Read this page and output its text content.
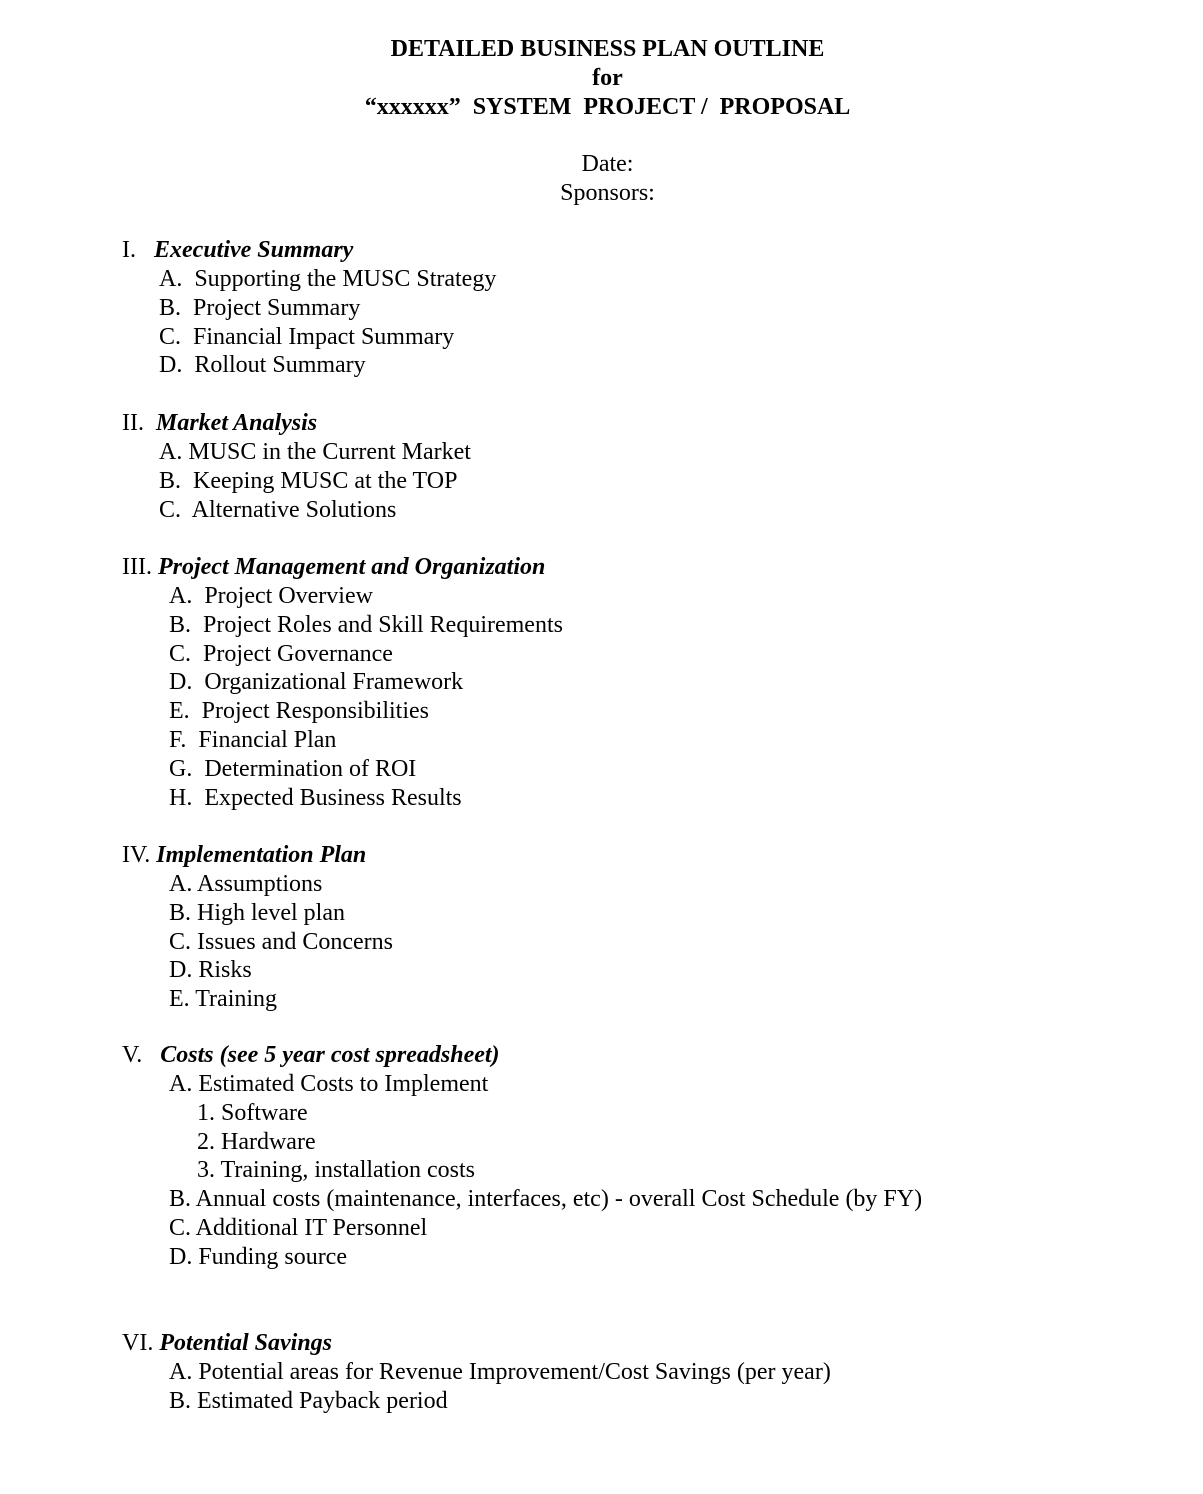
DETAILED BUSINESS PLAN OUTLINE
for
“xxxxxx”  SYSTEM  PROJECT /  PROPOSAL
Date:
Sponsors:
I.   Executive Summary
A.  Supporting the MUSC Strategy
B.  Project Summary
C.  Financial Impact Summary
D.  Rollout Summary
II.  Market Analysis
A. MUSC in the Current Market
B.  Keeping MUSC at the TOP
C.  Alternative Solutions
III. Project Management and Organization
A.  Project Overview
B.  Project Roles and Skill Requirements
C.  Project Governance
D.  Organizational Framework
E.  Project Responsibilities
F.  Financial Plan
G.  Determination of ROI
H.  Expected Business Results
IV. Implementation Plan
A. Assumptions
B. High level plan
C. Issues and Concerns
D. Risks
E. Training
V.   Costs (see 5 year cost spreadsheet)
A. Estimated Costs to Implement
1. Software
2. Hardware
3. Training, installation costs
B. Annual costs (maintenance, interfaces, etc) - overall Cost Schedule (by FY)
C. Additional IT Personnel
D. Funding source
VI. Potential Savings
A. Potential areas for Revenue Improvement/Cost Savings (per year)
B. Estimated Payback period
